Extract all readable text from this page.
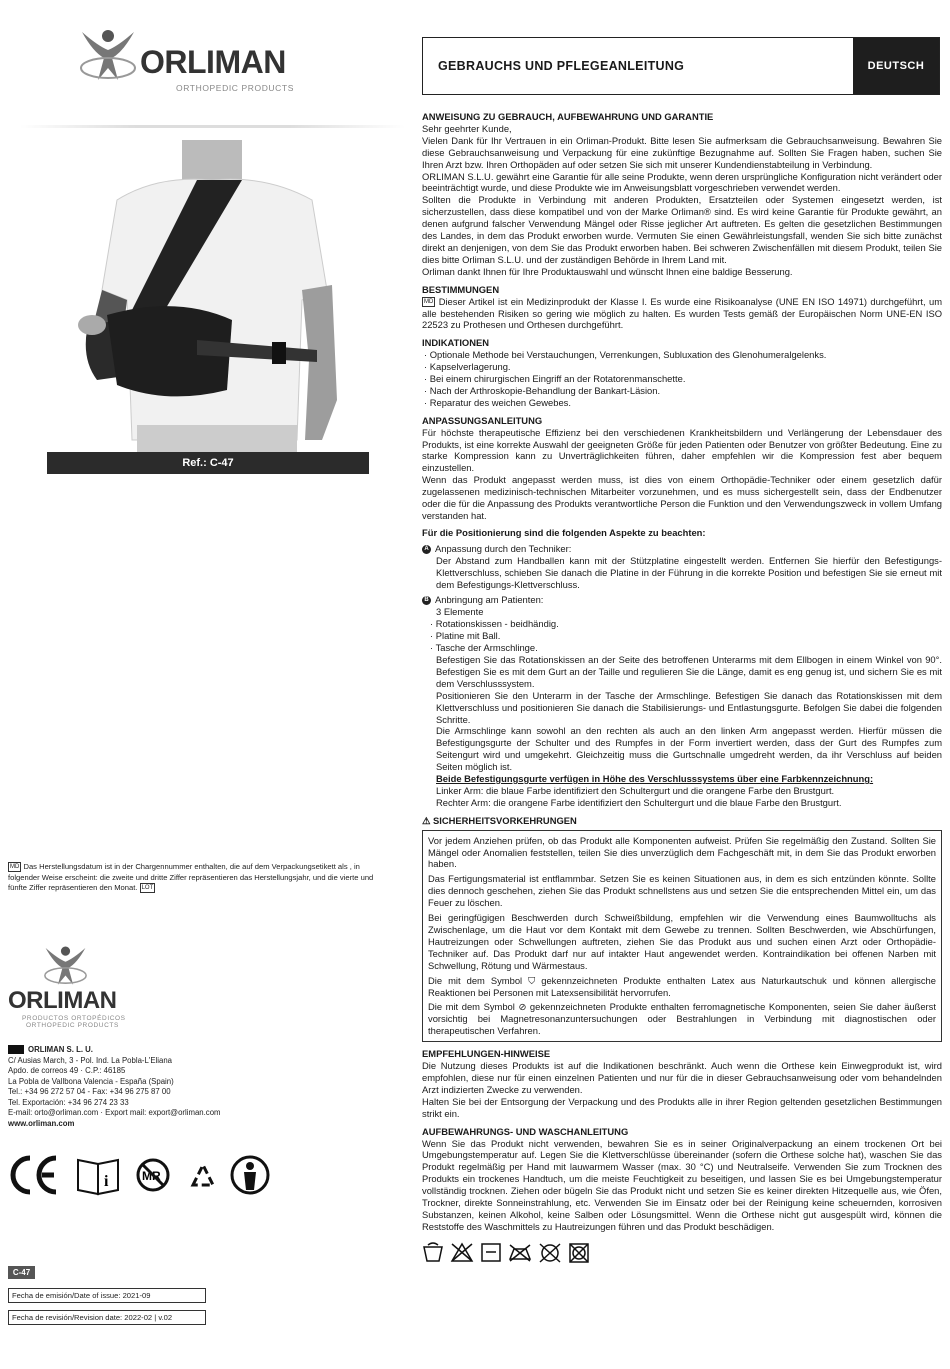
ORLIMAN
ORTHOPEDIC PRODUCTS
Ref.: C-47
MD Das Herstellungsdatum ist in der Chargennummer enthalten, die auf dem Verpackungsetikett als , in folgender Weise erscheint: die zweite und dritte Ziffer repräsentieren das Herstellungsjahr, und die vierte und fünfte Ziffer repräsentieren den Monat. LOT
ORLIMAN
PRODUCTOS ORTOPÉDICOS
ORTHOPEDIC PRODUCTS
ORLIMAN S. L. U.
C/ Ausias March, 3 - Pol. Ind. La Pobla-L'Eliana
Apdo. de correos 49 · C.P.: 46185
La Pobla de Vallbona Valencia - España (Spain)
Tel.: +34 96 272 57 04 - Fax: +34 96 275 87 00
Tel. Exportación: +34 96 274 23 33
E-mail: orto@orliman.com · Export mail: export@orliman.com
www.orliman.com
i	MR
C-47
Fecha de emisión/Date of issue: 2021-09
Fecha de revisión/Revision date: 2022-02 | v.02
GEBRAUCHS UND PFLEGEANLEITUNG	DEUTSCH
ANWEISUNG ZU GEBRAUCH, AUFBEWAHRUNG UND GARANTIE

Sehr geehrter Kunde,

Vielen Dank für Ihr Vertrauen in ein Orliman-Produkt. Bitte lesen Sie aufmerksam die Gebrauchsanweisung. Bewahren Sie diese Gebrauchsanweisung und Verpackung für eine zukünftige Bezugnahme auf. Sollten Sie Fragen haben, suchen Sie Ihren Arzt bzw. Ihren Orthopäden auf oder setzen Sie sich mit unserer Kundendienstabteilung in Verbindung.

ORLIMAN S.L.U. gewährt eine Garantie für alle seine Produkte, wenn deren ursprüngliche Konfiguration nicht verändert oder beeinträchtigt wurde, und diese Produkte wie im Anweisungsblatt vorgeschrieben verwendet werden.

Sollten die Produkte in Verbindung mit anderen Produkten, Ersatzteilen oder Systemen eingesetzt werden, ist sicherzustellen, dass diese kompatibel und von der Marke Orliman® sind. Es wird keine Garantie für Produkte gewährt, an denen aufgrund falscher Verwendung Mängel oder Risse jeglicher Art auftreten. Es gelten die gesetzlichen Bestimmungen des Landes, in dem das Produkt erworben wurde. Vermuten Sie einen Gewährleistungsfall, wenden Sie sich bitte zunächst direkt an denjenigen, von dem Sie das Produkt erworben haben. Bei schweren Zwischenfällen mit diesem Produkt, teilen Sie dies bitte Orliman S.L.U. und der zuständigen Behörde in Ihrem Land mit.

Orliman dankt Ihnen für Ihre Produktauswahl und wünscht Ihnen eine baldige Besserung.

BESTIMMUNGEN

MD Dieser Artikel ist ein Medizinprodukt der Klasse I. Es wurde eine Risikoanalyse (UNE EN ISO 14971) durchgeführt, um alle bestehenden Risiken so gering wie möglich zu halten. Es wurden Tests gemäß der Europäischen Norm UNE-EN ISO 22523 zu Prothesen und Orthesen durchgeführt.

INDIKATIONEN
· Optionale Methode bei Verstauchungen, Verrenkungen, Subluxation des Glenohumeralgelenks.
· Kapselverlagerung.
· Bei einem chirurgischen Eingriff an der Rotatorenmanschette.
· Nach der Arthroskopie-Behandlung der Bankart-Läsion.
· Reparatur des weichen Gewebes.
ANPASSUNGSANLEITUNG

Für höchste therapeutische Effizienz bei den verschiedenen Krankheitsbildern und Verlängerung der Lebensdauer des Produkts, ist eine korrekte Auswahl der geeigneten Größe für jeden Patienten oder Benutzer von größter Bedeutung. Eine zu starke Kompression kann zu Unverträglichkeiten führen, daher empfehlen wir die Kompression fest aber bequem einzustellen.

Wenn das Produkt angepasst werden muss, ist dies von einem Orthopädie-Techniker oder einem gesetzlich dafür zugelassenen medizinisch-technischen Mitarbeiter vorzunehmen, und es muss sichergestellt sein, dass der Endbenutzer oder die für die Anpassung des Produkts verantwortliche Person die Funktion und den Verwendungszweck in vollem Umfang verstanden hat.

Für die Positionierung sind die folgenden Aspekte zu beachten:

A Anpassung durch den Techniker:

Der Abstand zum Handballen kann mit der Stützplatine eingestellt werden. Entfernen Sie hierfür den Befestigungs-Klettverschluss, schieben Sie danach die Platine in der Führung in die korrekte Position und befestigen Sie sie erneut mit dem Befestigungs-Klettverschluss.

B Anbringung am Patienten:
3 Elemente
· Rotationskissen - beidhändig.
· Platine mit Ball.
· Tasche der Armschlinge.

Befestigen Sie das Rotationskissen an der Seite des betroffenen Unterarms mit dem Ellbogen in einem Winkel von 90°. Befestigen Sie es mit dem Gurt an der Taille und regulieren Sie die Länge, damit es eng genug ist, und sichern Sie es mit dem Verschlusssystem.

Positionieren Sie den Unterarm in der Tasche der Armschlinge. Befestigen Sie danach das Rotationskissen mit dem Klettverschluss und positionieren Sie danach die Stabilisierungs- und Entlastungsgurte. Befolgen Sie dabei die folgenden Schritte.

Die Armschlinge kann sowohl an den rechten als auch an den linken Arm angepasst werden. Hierfür müssen die Befestigungsgurte der Schulter und des Rumpfes in der Form invertiert werden, dass der Gurt des Rumpfes zum Seitengurt wird und umgekehrt. Gleichzeitig muss die Gurtschnalle umgedreht werden, da ihr Verschluss auf beiden Seiten möglich ist.

Beide Befestigungsgurte verfügen in Höhe des Verschlusssystems über eine Farbkennzeichnung:

Linker Arm: die blaue Farbe identifiziert den Schultergurt und die orangene Farbe den Brustgurt.

Rechter Arm: die orangene Farbe identifiziert den Schultergurt und die blaue Farbe den Brustgurt.

⚠ SICHERHEITSVORKEHRUNGEN

Vor jedem Anziehen prüfen, ob das Produkt alle Komponenten aufweist. Prüfen Sie regelmäßig den Zustand. Sollten Sie Mängel oder Anomalien feststellen, teilen Sie dies unverzüglich dem Fachgeschäft mit, in dem Sie das Produkt erworben haben.

Das Fertigungsmaterial ist entflammbar. Setzen Sie es keinen Situationen aus, in dem es sich entzünden könnte. Sollte dies dennoch geschehen, ziehen Sie das Produkt schnellstens aus und setzen Sie die entsprechenden Mittel ein, um das Feuer zu löschen.

Bei geringfügigen Beschwerden durch Schweißbildung, empfehlen wir die Verwendung eines Baumwolltuchs als Zwischenlage, um die Haut vor dem Kontakt mit dem Gewebe zu trennen. Sollten Beschwerden, wie Abschürfungen, Hautreizungen oder Schwellungen auftreten, ziehen Sie das Produkt aus und suchen einen Arzt oder Orthopädie-Techniker auf. Das Produkt darf nur auf intakter Haut angewendet werden. Kontraindikation bei offenen Narben mit Schwellung, Rötung und Wärmestaus.

Die mit dem Symbol ⛉ gekennzeichneten Produkte enthalten Latex aus Naturkautschuk und können allergische Reaktionen bei Personen mit Latexsensibilität hervorrufen.

Die mit dem Symbol ⊘ gekennzeichneten Produkte enthalten ferromagnetische Komponenten, seien Sie daher äußerst vorsichtig bei Magnetresonanzuntersuchungen oder Bestrahlungen in Verbindung mit diagnostischen oder therapeutischen Verfahren.

EMPFEHLUNGEN-HINWEISE

Die Nutzung dieses Produkts ist auf die Indikationen beschränkt. Auch wenn die Orthese kein Einwegprodukt ist, wird empfohlen, diese nur für einen einzelnen Patienten und nur für die in dieser Gebrauchsanweisung oder vom behandelnden Arzt indizierten Zwecke zu verwenden.

Halten Sie bei der Entsorgung der Verpackung und des Produkts alle in ihrer Region geltenden gesetzlichen Bestimmungen strikt ein.

AUFBEWAHRUNGS- UND WASCHANLEITUNG

Wenn Sie das Produkt nicht verwenden, bewahren Sie es in seiner Originalverpackung an einem trockenen Ort bei Umgebungstemperatur auf. Legen Sie die Klettverschlüsse übereinander (sofern die Orthese solche hat), waschen Sie das Produkt regelmäßig per Hand mit lauwarmem Wasser (max. 30 °C) und Neutralseife. Verwenden Sie zum Trocknen des Produkts ein trockenes Handtuch, um die meiste Feuchtigkeit zu beseitigen, und lassen Sie es bei Umgebungstemperatur vollständig trocknen. Ziehen oder bügeln Sie das Produkt nicht und setzen Sie es keiner direkten Hitzequelle aus, wie Öfen, Trockner, direkte Sonneinstrahlung, etc. Verwenden Sie im Einsatz oder bei der Reinigung keine scheuernden, korrosiven Substanzen, keinen Alkohol, keine Salben oder Lösungsmittel. Wenn die Orthese nicht gut ausgespült wird, können die Reststoffe des Waschmittels zu Hautreizungen führen und das Produkt beschädigen.
